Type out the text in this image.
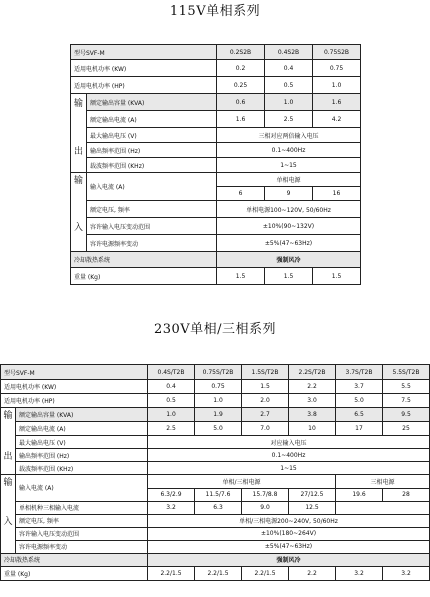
115V单相系列
型号SVF-M		0.2S2B	0.4S2B	0.75S2B
适用电机功率 (KW)		0.2	0.4	0.75
适用电机功率 (HP)		0.25	0.5	1.0
输	额定输出容量 (KVA)	0.6	1.0	1.6
	额定输出电流 (A)	1.6	2.5	4.2
	最大输出电压 (V)	三相对应两倍输入电压		
出	输出频率范围 (Hz)	0.1~400Hz		
	载波频率范围 (KHz)	1~15		
输	输入电流 (A)	单相电源		
		6	9	16
	额定电压, 频率	单相电源100~120V, 50/60Hz		
入	容许输入电压变动范围	±10%(90~132V)		
	容许电源频率变动	±5%(47~63Hz)		
冷却散热系统		强制风冷		
重量 (Kg)		1.5	1.5	1.5
230V单相/三相系列
型号SVF-M		0.4S/T2B	0.75S/T2B	1.5S/T2B	2.2S/T2B	3.7S/T2B	5.5S/T2B
适用电机功率 (KW)		0.4	0.75	1.5	2.2	3.7	5.5
适用电机功率 (HP)		0.5	1.0	2.0	3.0	5.0	7.5
输	额定输出容量 (KVA)	1.0	1.9	2.7	3.8	6.5	9.5
	额定输出电流 (A)	2.5	5.0	7.0	10	17	25
	最大输出电压 (V)	对应输入电压					
出	输出频率范围 (Hz)	0.1~400Hz					
	载波频率范围 (KHz)	1~15					
输	输入电流 (A)	单相/三相电源				三相电源	
		6.3/2.9	11.5/7.6	15.7/8.8	27/12.5	19.6	28
	单相机种三相输入电流	3.2	6.3	9.0	12.5		
入	额定电压, 频率	单相/三相电源200~240V, 50/60Hz					
	容许输入电压变动范围	±10%(180~264V)					
	容许电源频率变动	±5%(47~63Hz)					
冷却散热系统		强制风冷					
重量 (Kg)		2.2/1.5	2.2/1.5	2.2/1.5	2.2	3.2	3.2
